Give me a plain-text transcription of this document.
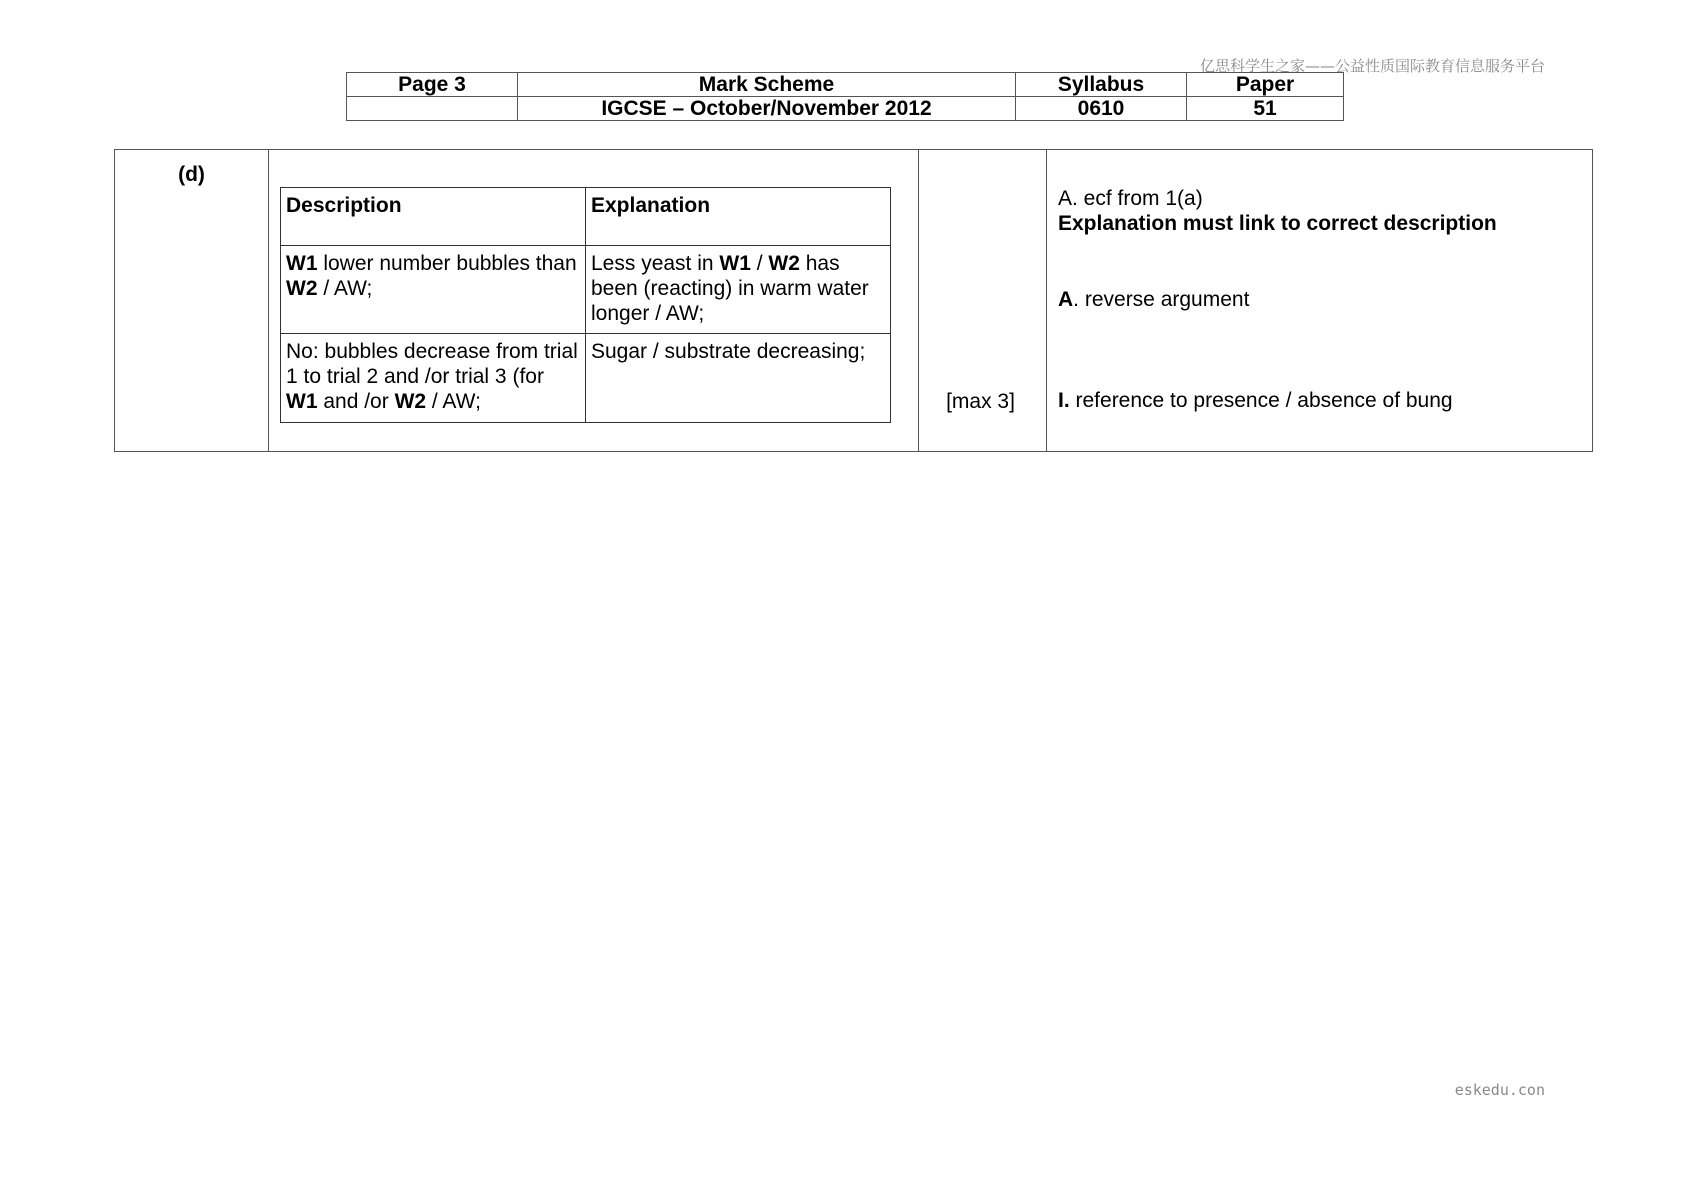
亿思科学生之家——公益性质国际教育信息服务平台
Page 3	Mark Scheme	Syllabus	Paper
	IGCSE – October/November 2012	0610	51
(d)

Description	Explanation
W1 lower number bubbles than W2 / AW;	Less yeast in W1 / W2 has been (reacting) in warm water longer / AW;
No: bubbles decrease from trial 1 to trial 2 and /or trial 3 (for W1 and /or W2 / AW;	Sugar / substrate decreasing;

[max 3]

A. ecf from 1(a)
Explanation must link to correct description
A. reverse argument
I. reference to presence / absence of bung
eskedu.con
